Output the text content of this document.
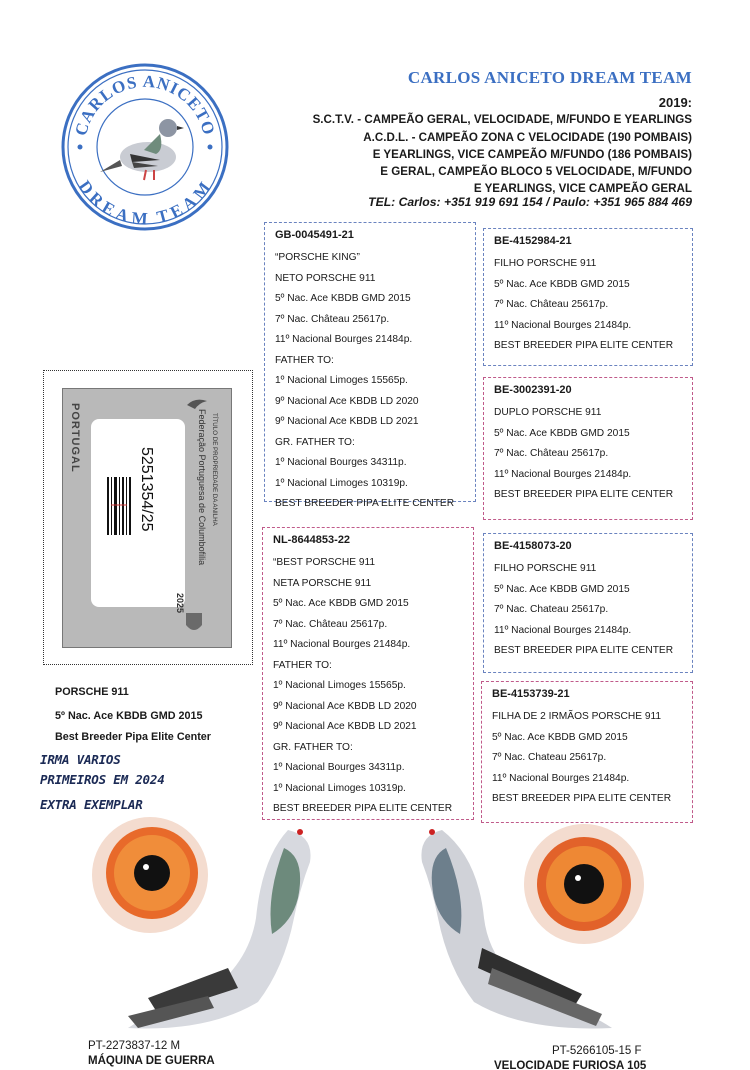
CARLOS ANICETO
DREAM TEAM
CARLOS ANICETO DREAM TEAM
2019:
S.C.T.V. - CAMPEÃO GERAL, VELOCIDADE, M/FUNDO E YEARLINGS
A.C.D.L. - CAMPEÃO ZONA C VELOCIDADE (190 POMBAIS)
E YEARLINGS, VICE CAMPEÃO M/FUNDO (186 POMBAIS)
E GERAL, CAMPEÃO BLOCO 5 VELOCIDADE, M/FUNDO
E YEARLINGS, VICE CAMPEÃO GERAL
TEL: Carlos: +351 919 691 154 / Paulo: +351 965 884 469
GB-0045491-21
“PORSCHE KING”
NETO PORSCHE 911
5º Nac. Ace KBDB GMD 2015
7º Nac. Château 25617p.
11º Nacional Bourges 21484p.
FATHER TO:
1º Nacional Limoges 15565p.
9º Nacional Ace KBDB LD 2020
9º Nacional Ace KBDB LD 2021
GR. FATHER TO:
1º Nacional Bourges 34311p.
1º Nacional Limoges 10319p.
BEST BREEDER PIPA ELITE CENTER
NL-8644853-22
“BEST PORSCHE 911
NETA PORSCHE 911
5º Nac. Ace KBDB GMD 2015
7º Nac. Château 25617p.
11º Nacional Bourges 21484p.
FATHER TO:
1º Nacional Limoges 15565p.
9º Nacional Ace KBDB LD 2020
9º Nacional Ace KBDB LD 2021
GR. FATHER TO:
1º Nacional Bourges 34311p.
1º Nacional Limoges 10319p.
BEST BREEDER PIPA ELITE CENTER
BE-4152984-21
FILHO PORSCHE 911
5º Nac. Ace KBDB GMD 2015
7º Nac. Château 25617p.
11º Nacional Bourges 21484p.
BEST BREEDER PIPA ELITE CENTER
BE-3002391-20
DUPLO PORSCHE 911
5º Nac. Ace KBDB GMD 2015
7º Nac. Château 25617p.
11º Nacional Bourges 21484p.
BEST BREEDER PIPA ELITE CENTER
BE-4158073-20
FILHO PORSCHE 911
5º Nac. Ace KBDB GMD 2015
7º Nac. Chateau 25617p.
11º Nacional Bourges 21484p.
BEST BREEDER PIPA ELITE CENTER
BE-4153739-21
FILHA DE 2 IRMÃOS PORSCHE 911
5º Nac. Ace KBDB GMD 2015
7º Nac. Chateau 25617p.
11º Nacional Bourges 21484p.
BEST BREEDER PIPA ELITE CENTER
PORTUGAL
5251354/25	Federação Portuguesa de Columbofilia TÍTULO DE PROPRIEDADE DA ANILHA
2025
PORSCHE 911
5º Nac. Ace KBDB GMD 2015
Best Breeder Pipa Elite Center
IRMA VARIOS
PRIMEIROS EM 2024
EXTRA EXEMPLAR
PT-2273837-12 M
MÁQUINA DE GUERRA
PT-5266105-15 F
VELOCIDADE FURIOSA 105
